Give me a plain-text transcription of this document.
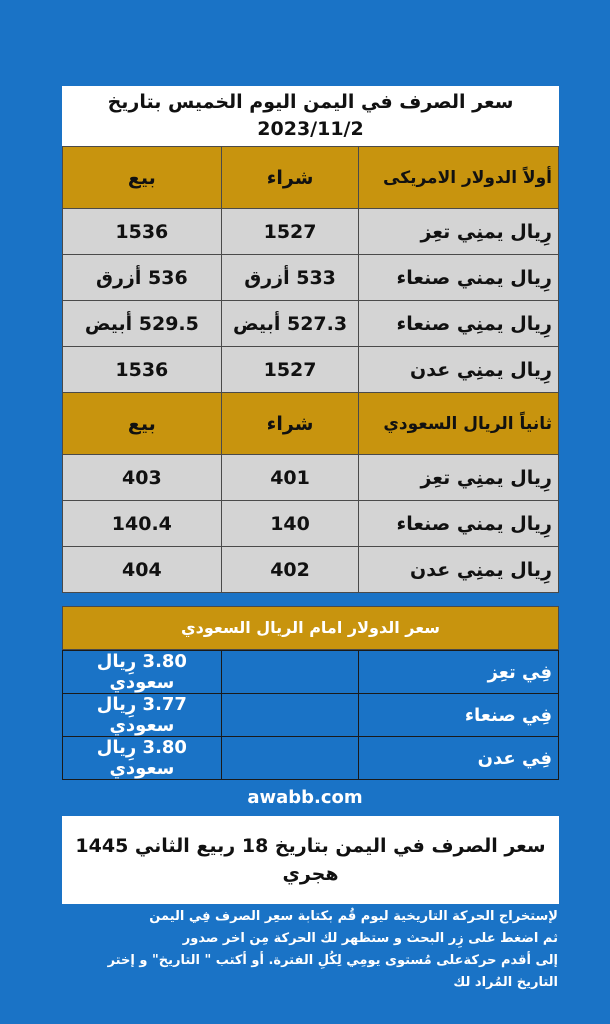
سعر الصرف في اليمن اليوم الخميس بتاريخ
2023/11/2
أولاً الدولار الامريكى	شراء	بيع
رِيال يمنِي تعِز	1527	1536
رِيال يمني صنعاء	533 أزرق	536 أزرق
رِيال يمنِي صنعاء	527.3 أبيض	529.5 أبيض
رِيال يمنِي عدن	1527	1536
ثانياً الريال السعودي	شراء	بيع
رِيال يمنِي تعِز	401	403
رِيال يمني صنعاء	140	140.4
رِيال يمنِي عدن	402	404
سعر الدولار امام الريال السعودي
فِي تعِز		3.80 رِيال سعودي
فِي صنعاء		3.77 رِيال سعودي
فِي عدن		3.80 رِيال سعودي
awabb.com
سعر الصرف في اليمن بتاريخ 18 ربيع الثاني 1445
هجري

لإستخراج الحركة التاريخية ليوم قُم بكتابة سعِر الصرف فِي اليمن

ثم اضغط على زِر البحث و ستظهر لك الحركة مِن اخر صدور

إلى أقدم حركةعلى مُستوى يومِي لِكُلِ الفترة. أو أكتب " التاريخ" و إختر

التاريخ المُراد لك
